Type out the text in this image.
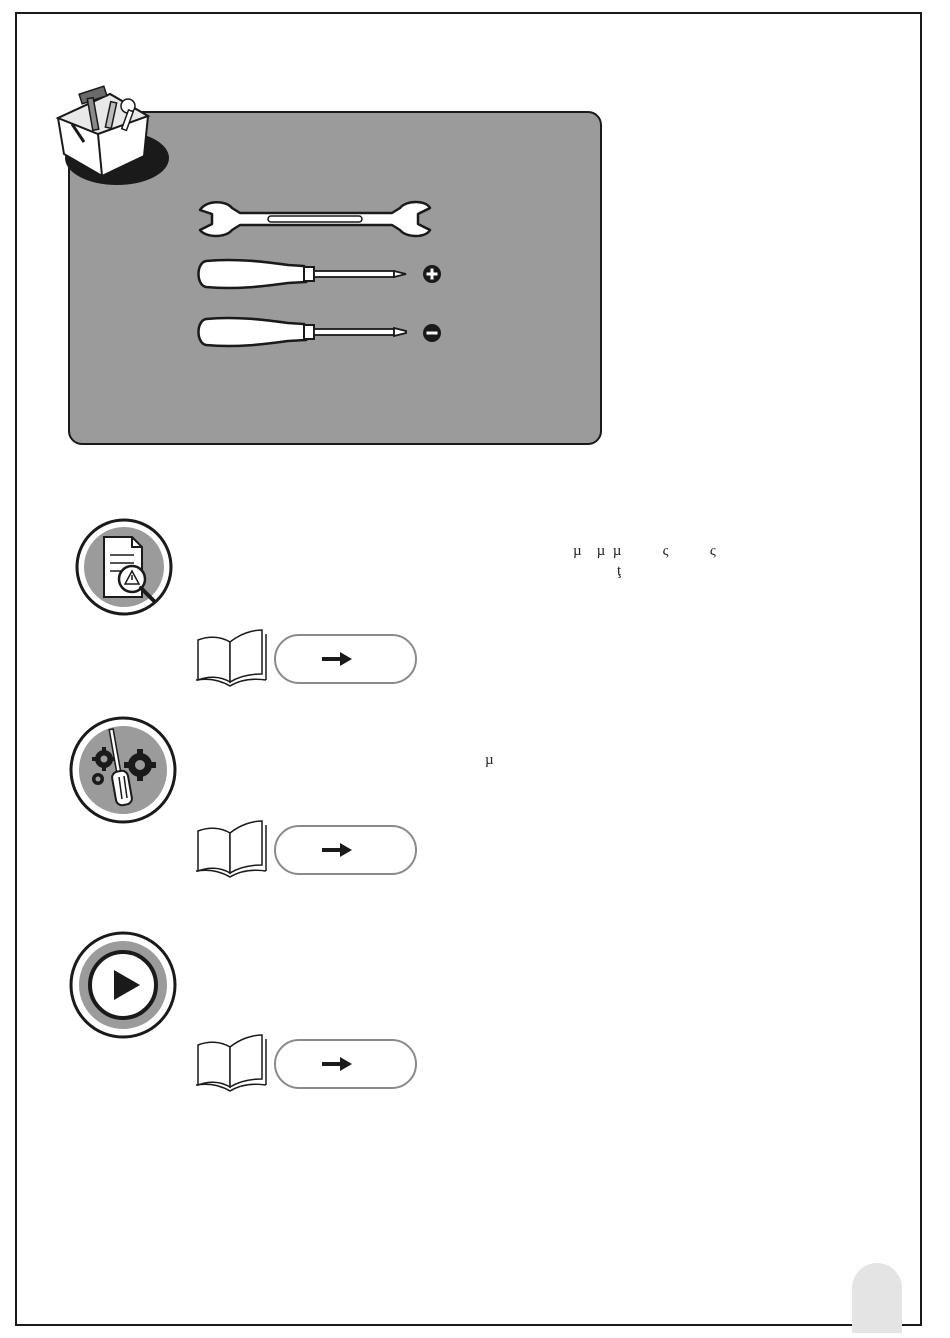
µ    µ  µ           ς           ς
ţ
µ
